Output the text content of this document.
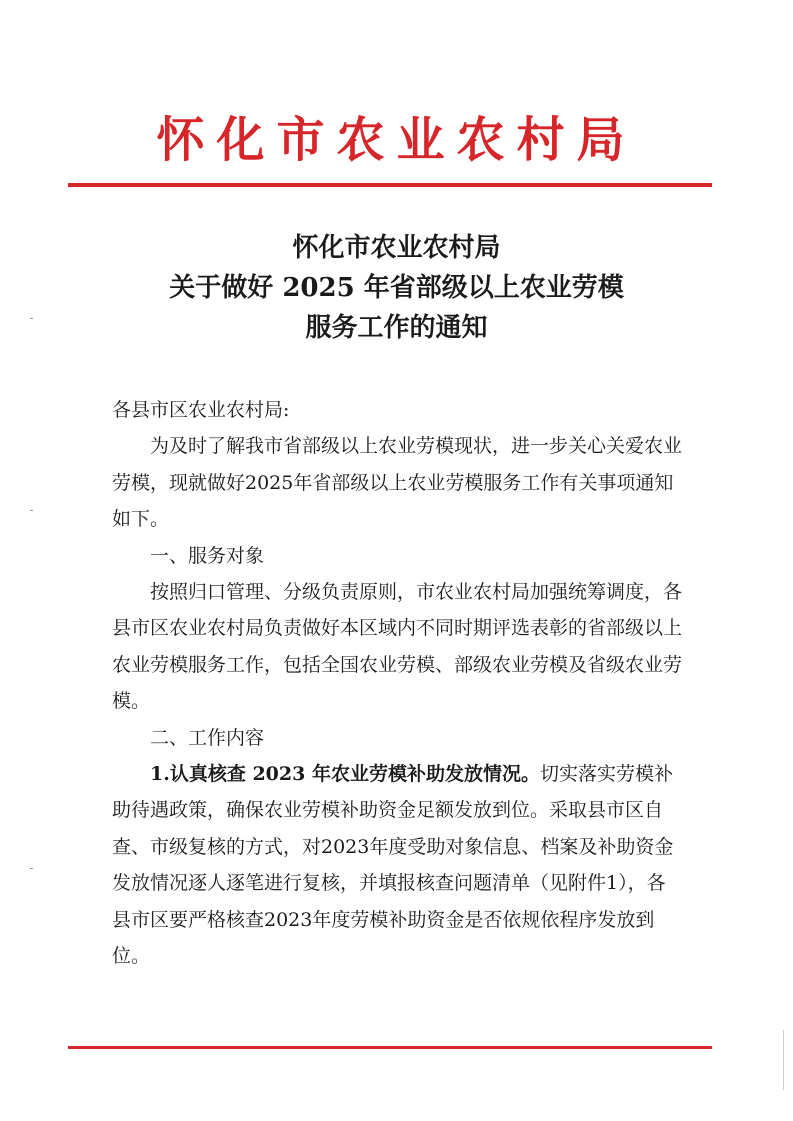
怀化市农业农村局
怀化市农业农村局
关于做好 2025 年省部级以上农业劳模
服务工作的通知

各县市区农业农村局:

为及时了解我市省部级以上农业劳模现状，进一步关心关爱农业劳模，现就做好2025年省部级以上农业劳模服务工作有关事项通知如下。

一、服务对象

按照归口管理、分级负责原则，市农业农村局加强统筹调度，各县市区农业农村局负责做好本区域内不同时期评选表彰的省部级以上农业劳模服务工作，包括全国农业劳模、部级农业劳模及省级农业劳模。

二、工作内容

1.认真核查 2023 年农业劳模补助发放情况。切实落实劳模补助待遇政策，确保农业劳模补助资金足额发放到位。采取县市区自查、市级复核的方式，对2023年度受助对象信息、档案及补助资金发放情况逐人逐笔进行复核，并填报核查问题清单（见附件1），各县市区要严格核查2023年度劳模补助资金是否依规依程序发放到位。
